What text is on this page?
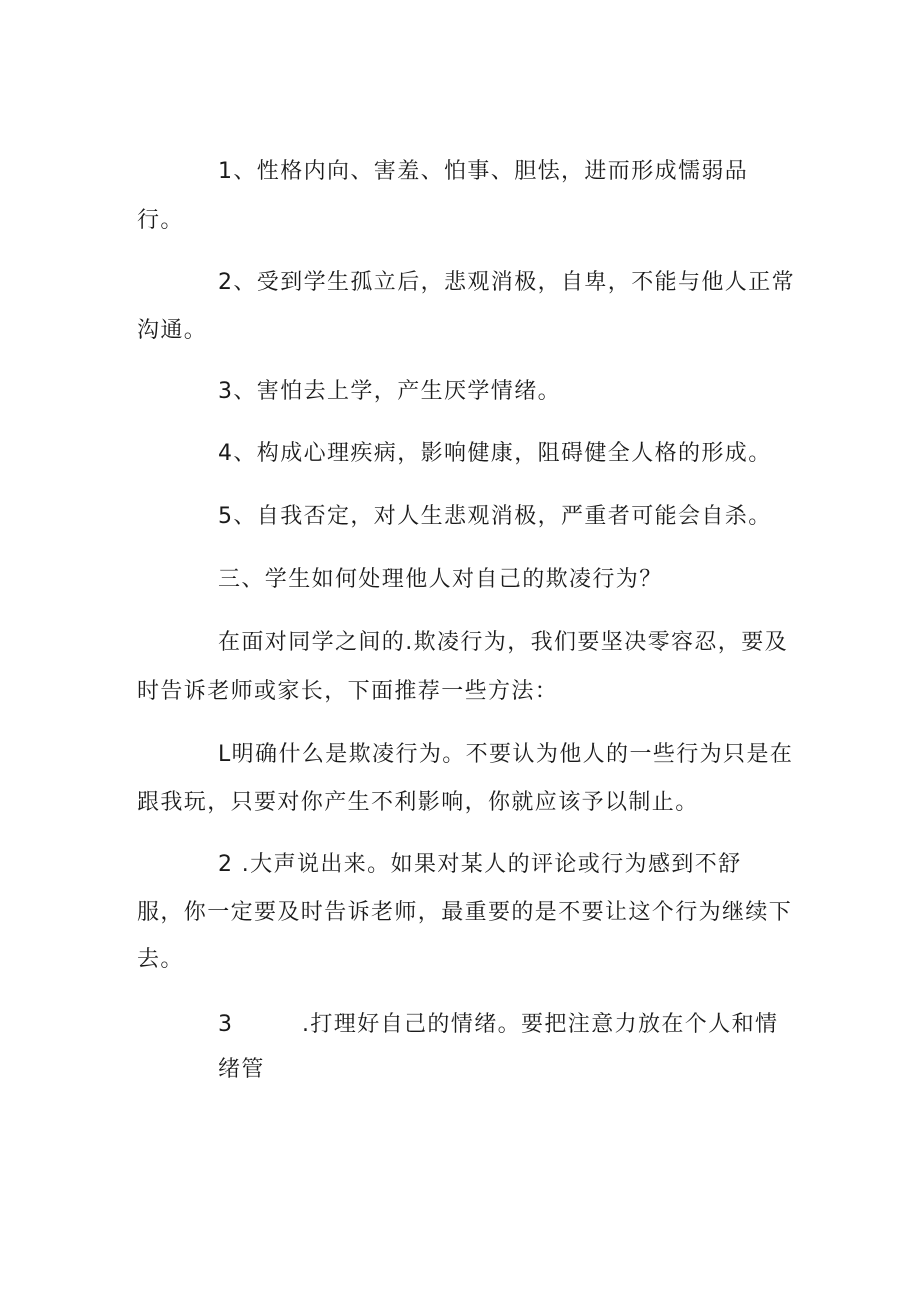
1、性格内向、害羞、怕事、胆怯，进而形成懦弱品
行。
2、受到学生孤立后，悲观消极，自卑，不能与他人正常
沟通。
3、害怕去上学，产生厌学情绪。
4、构成心理疾病，影响健康，阻碍健全人格的形成。
5、自我否定，对人生悲观消极，严重者可能会自杀。
三、学生如何处理他人对自己的欺凌行为？
在面对同学之间的.欺凌行为，我们要坚决零容忍，要及
时告诉老师或家长，下面推荐一些方法：
L明确什么是欺凌行为。不要认为他人的一些行为只是在
跟我玩，只要对你产生不利影响，你就应该予以制止。
2 .大声说出来。如果对某人的评论或行为感到不舒
服，你一定要及时告诉老师，最重要的是不要让这个行为继续下
去。
3	.打理好自己的情绪。要把注意力放在个人和情
绪管
